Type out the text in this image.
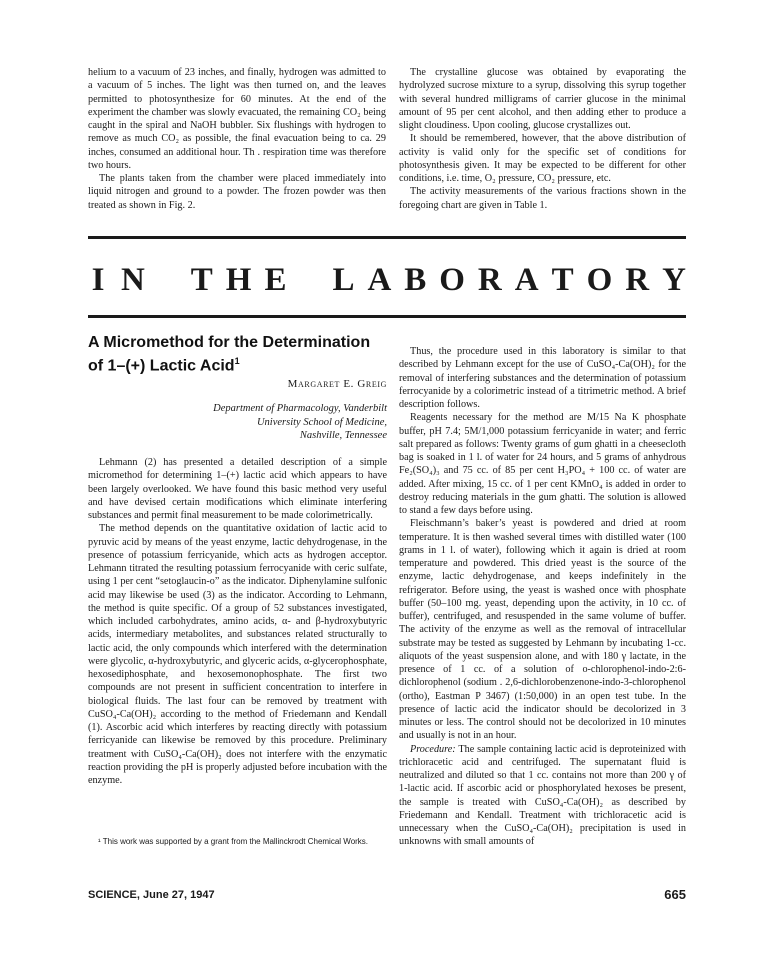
helium to a vacuum of 23 inches, and finally, hydrogen was admitted to a vacuum of 5 inches. The light was then turned on, and the leaves permitted to photosynthesize for 60 minutes. At the end of the experiment the chamber was slowly evacuated, the remaining CO₂ being caught in the spiral and NaOH bubbler. Six flushings with hydrogen to remove as much CO₂ as possible, the final evacuation being to ca. 29 inches, consumed an additional hour. Th . respiration time was therefore two hours.

The plants taken from the chamber were placed immediately into liquid nitrogen and ground to a powder. The frozen powder was then treated as shown in Fig. 2.

The crystalline glucose was obtained by evaporating the hydrolyzed sucrose mixture to a syrup, dissolving this syrup together with several hundred milligrams of carrier glucose in the minimal amount of 95 per cent alcohol, and then adding ether to produce a slight cloudiness. Upon cooling, glucose crystallizes out.

It should be remembered, however, that the above distribution of activity is valid only for the specific set of conditions for photosynthesis given. It may be expected to be different for other conditions, i.e. time, O₂ pressure, CO₂ pressure, etc.

The activity measurements of the various fractions shown in the foregoing chart are given in Table 1.

I N T H E L A B O R A T O R Y
A Micromethod for the Determination of 1–(+) Lactic Acid$^1$
Margaret E. Greig
Department of Pharmacology, Vanderbilt
University School of Medicine,
Nashville, Tennessee

Lehmann (2) has presented a detailed description of a simple micromethod for determining 1–(+) lactic acid which appears to have been largely overlooked. We have found this basic method very useful and have devised certain modifications which eliminate interfering substances and permit final measurement to be made colorimetrically.

The method depends on the quantitative oxidation of lactic acid to pyruvic acid by means of the yeast enzyme, lactic dehydrogenase, in the presence of potassium ferricyanide, which acts as hydrogen acceptor. Lehmann titrated the resulting potassium ferrocyanide with ceric sulfate, using 1 per cent “setoglaucin-o” as the indicator. Diphenylamine sulfonic acid may likewise be used (3) as the indicator. According to Lehmann, the method is quite specific. Of a group of 52 substances investigated, which included carbohydrates, amino acids, α- and β-hydroxybutyric acids, intermediary metabolites, and substances related structurally to lactic acid, the only compounds which interfered with the determination were glycolic, α-hydroxybutyric, and glyceric acids, α-glycerophosphate, hexosediphosphate, and hexosemonophosphate. The first two compounds are not present in sufficient concentration to interfere in biological fluids. The last four can be removed by treatment with CuSO₄-Ca(OH)₂ according to the method of Friedemann and Kendall (1). Ascorbic acid which interferes by reacting directly with potassium ferricyanide can likewise be removed by this procedure. Preliminary treatment with CuSO₄-Ca(OH)₂ does not interfere with the enzymatic reaction providing the pH is properly adjusted before incubation with the enzyme.

¹ This work was supported by a grant from the Mallinckrodt Chemical Works.

Thus, the procedure used in this laboratory is similar to that described by Lehmann except for the use of CuSO₄-Ca(OH)₂ for the removal of interfering substances and the determination of potassium ferrocyanide by a colorimetric instead of a titrimetric method. A brief description follows.

Reagents necessary for the method are M/15 Na K phosphate buffer, pH 7.4; 5M/1,000 potassium ferricyanide in water; and ferric salt prepared as follows: Twenty grams of gum ghatti in a cheesecloth bag is soaked in 1 l. of water for 24 hours, and 5 grams of anhydrous Fe₂(SO₄)₃ and 75 cc. of 85 per cent H₃PO₄ + 100 cc. of water are added. After mixing, 15 cc. of 1 per cent KMnO₄ is added in order to destroy reducing materials in the gum ghatti. The solution is allowed to stand a few days before using.

Fleischmann’s baker’s yeast is powdered and dried at room temperature. It is then washed several times with distilled water (100 grams in 1 l. of water), following which it again is dried at room temperature and powdered. This dried yeast is the source of the enzyme, lactic dehydrogenase, and keeps indefinitely in the refrigerator. Before using, the yeast is washed once with phosphate buffer (50–100 mg. yeast, depending upon the activity, in 10 cc. of buffer), centrifuged, and resuspended in the same volume of buffer. The activity of the enzyme as well as the removal of intracellular substrate may be tested as suggested by Lehmann by incubating 1-cc. aliquots of the yeast suspension alone, and with 180 γ lactate, in the presence of 1 cc. of a solution of o-chlorophenol-indo-2:6-dichlorophenol (sodium . 2,6-dichlorobenzenone-indo-3-chlorophenol (ortho), Eastman P 3467) (1:50,000) in an open test tube. In the presence of lactic acid the indicator should be decolorized in 3 minutes or less. The control should not be decolorized in 10 minutes and usually is not in an hour.

Procedure: The sample containing lactic acid is deproteinized with trichloracetic acid and centrifuged. The supernatant fluid is neutralized and diluted so that 1 cc. contains not more than 200 γ of 1-lactic acid. If ascorbic acid or phosphorylated hexoses be present, the sample is treated with CuSO₄-Ca(OH)₂ as described by Friedemann and Kendall. Treatment with trichloracetic acid is unnecessary when the CuSO₄-Ca(OH)₂ precipitation is used in unknowns with small amounts of

SCIENCE, June 27, 1947	665
